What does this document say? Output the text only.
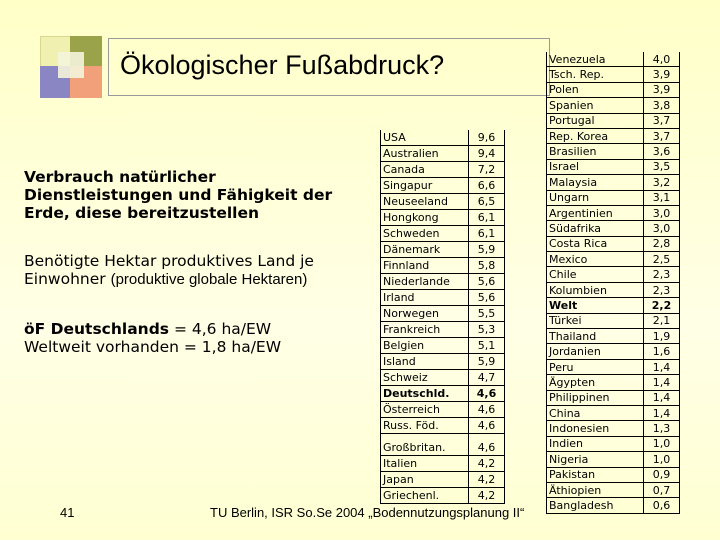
Ökologischer Fußabdruck?
Verbrauch natürlicher Dienstleistungen und Fähigkeit der Erde, diese bereitzustellen
Benötigte Hektar produktives Land je Einwohner (produktive globale Hektaren)
öF Deutschlands = 4,6 ha/EW
Weltweit vorhanden = 1,8 ha/EW
USA	9,6
Australien	9,4
Canada	7,2
Singapur	6,6
Neuseeland	6,5
Hongkong	6,1
Schweden	6,1
Dänemark	5,9
Finnland	5,8
Niederlande	5,6
Irland	5,6
Norwegen	5,5
Frankreich	5,3
Belgien	5,1
Island	5,9
Schweiz	4,7
Deutschld.	4,6
Österreich	4,6
Russ. Föd.	4,6

Großbritan.	4,6
Italien	4,2
Japan	4,2
Griechenl.	4,2
Venezuela	4,0
Tsch. Rep.	3,9
Polen	3,9
Spanien	3,8
Portugal	3,7
Rep. Korea	3,7
Brasilien	3,6
Israel	3,5
Malaysia	3,2
Ungarn	3,1
Argentinien	3,0
Südafrika	3,0
Costa Rica	2,8
Mexico	2,5
Chile	2,3
Kolumbien	2,3
Welt	2,2
Türkei	2,1
Thailand	1,9
Jordanien	1,6
Peru	1,4
Ägypten	1,4
Philippinen	1,4
China	1,4
Indonesien	1,3
Indien	1,0
Nigeria	1,0
Pakistan	0,9
Äthiopien	0,7
Bangladesh	0,6
41	TU Berlin, ISR So.Se 2004 „Bodennutzungsplanung II“
